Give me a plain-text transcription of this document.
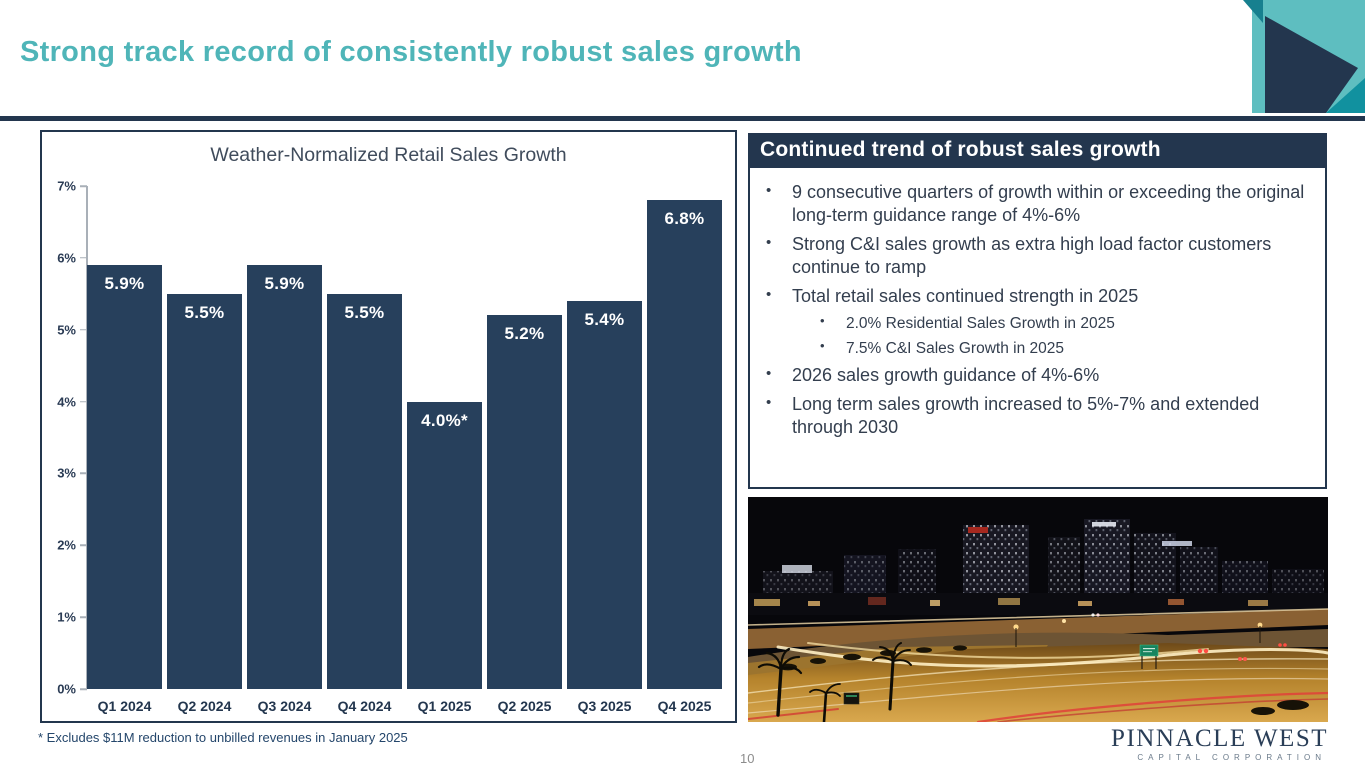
Strong track record of consistently robust sales growth
Weather-Normalized Retail Sales Growth
0%
1%
2%
3%
4%
5%
6%
7%
5.9%
5.5%
5.9%
5.5%
4.0%*
5.2%
5.4%
6.8%
Q1 2024	Q2 2024	Q3 2024	Q4 2024	Q1 2025	Q2 2025	Q3 2025	Q4 2025
* Excludes $11M reduction to unbilled revenues in January 2025
Continued trend of robust sales growth
• 9 consecutive quarters of growth within or exceeding the original long-term guidance range of 4%-6%
• Strong C&I sales growth as extra high load factor customers continue to ramp
• Total retail sales continued strength in 2025
• 2.0% Residential Sales Growth in 2025
• 7.5% C&I Sales Growth in 2025
• 2026 sales growth guidance of 4%-6%
• Long term sales growth increased to 5%-7% and extended through 2030
10
PINNACLE WEST
CAPITAL CORPORATION
